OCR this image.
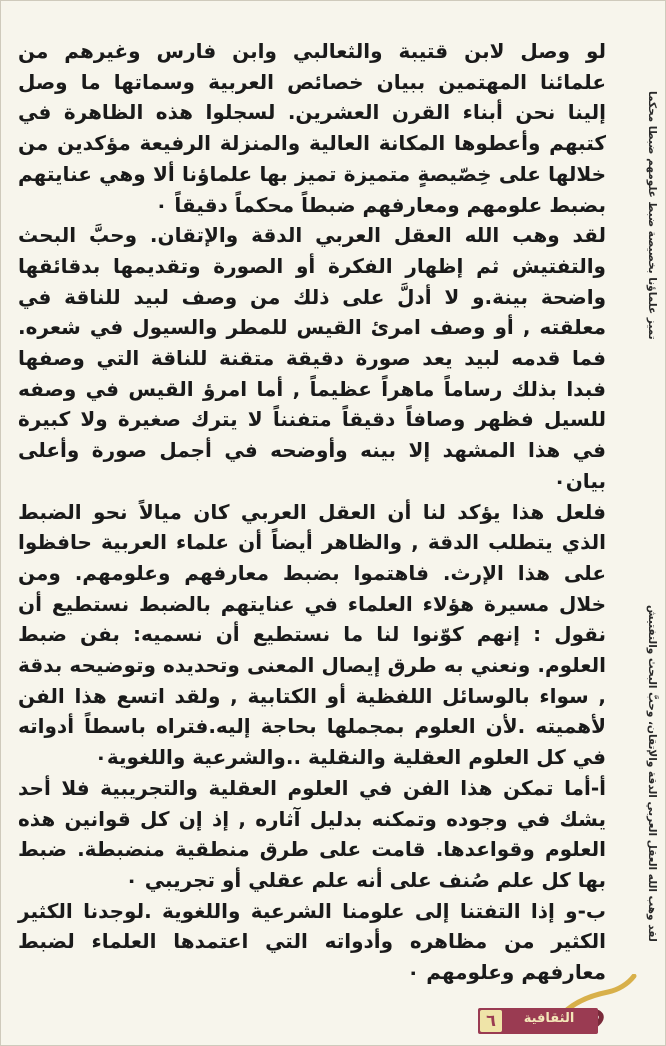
لو وصل لابن قتيبة والثعالبي وابن فارس وغيرهم من علمائنا المهتمين ببيان خصائص العربية وسماتها ما وصل إلينا نحن أبناء القرن العشرين. لسجلوا هذه الظاهرة في كتبهم وأعطوها المكانة العالية والمنزلة الرفيعة مؤكدين من خلالها على خِصّيصةٍ متميزة تميز بها علماؤنا ألا وهي عنايتهم بضبط علومهم ومعارفهم ضبطاً محكماً دقيقاً ٠

لقد وهب الله العقل العربي الدقة والإتقان. وحبَّ البحث والتفتيش ثم إظهار الفكرة أو الصورة وتقديمها بدقائقها واضحة بينة.و لا أدلَّ على ذلك من وصف لبيد للناقة في معلقته , أو وصف امرئ القيس للمطر والسيول في شعره. فما قدمه لبيد يعد صورة دقيقة متقنة للناقة التي وصفها فبدا بذلك رساماً ماهراً عظيماً , أما امرؤ القيس في وصفه للسيل فظهر وصافاً دقيقاً متفنناً لا يترك صغيرة ولا كبيرة في هذا المشهد إلا بينه وأوضحه في أجمل صورة وأعلى بيان٠

فلعل هذا يؤكد لنا أن العقل العربي كان ميالاً نحو الضبط الذي يتطلب الدقة , والظاهر أيضاً أن علماء العربية حافظوا على هذا الإرث. فاهتموا بضبط معارفهم وعلومهم. ومن خلال مسيرة هؤلاء العلماء في عنايتهم بالضبط نستطيع أن نقول : إنهم كوّنوا لنا ما نستطيع أن نسميه: بفن ضبط العلوم. ونعني به طرق إيصال المعنى وتحديده وتوضيحه بدقة , سواء بالوسائل اللفظية أو الكتابية , ولقد اتسع هذا الفن لأهميته .لأن العلوم بمجملها بحاجة إليه.فتراه باسطاً أدواته في كل العلوم العقلية والنقلية ..والشرعية واللغوية٠

أ-أما تمكن هذا الفن في العلوم العقلية والتجريبية فلا أحد يشك في وجوده وتمكنه بدليل آثاره , إذ إن كل قوانين هذه العلوم وقواعدها. قامت على طرق منطقية منضبطة. ضبط بها كل علم صُنف على أنه علم عقلي أو تجريبي ٠

ب-و إذا التفتنا إلى علومنا الشرعية واللغوية .لوجدنا الكثير الكثير من مظاهره وأدواته التي اعتمدها العلماء لضبط معارفهم وعلومهم ٠

تميز علماؤنا بخصيصة ضبط علومهم ضبطا محكما
لقد وهب الله العقل العربي الدقة والإتقان، وحبَّ البحث والتفتيش
٦	الثقافية
